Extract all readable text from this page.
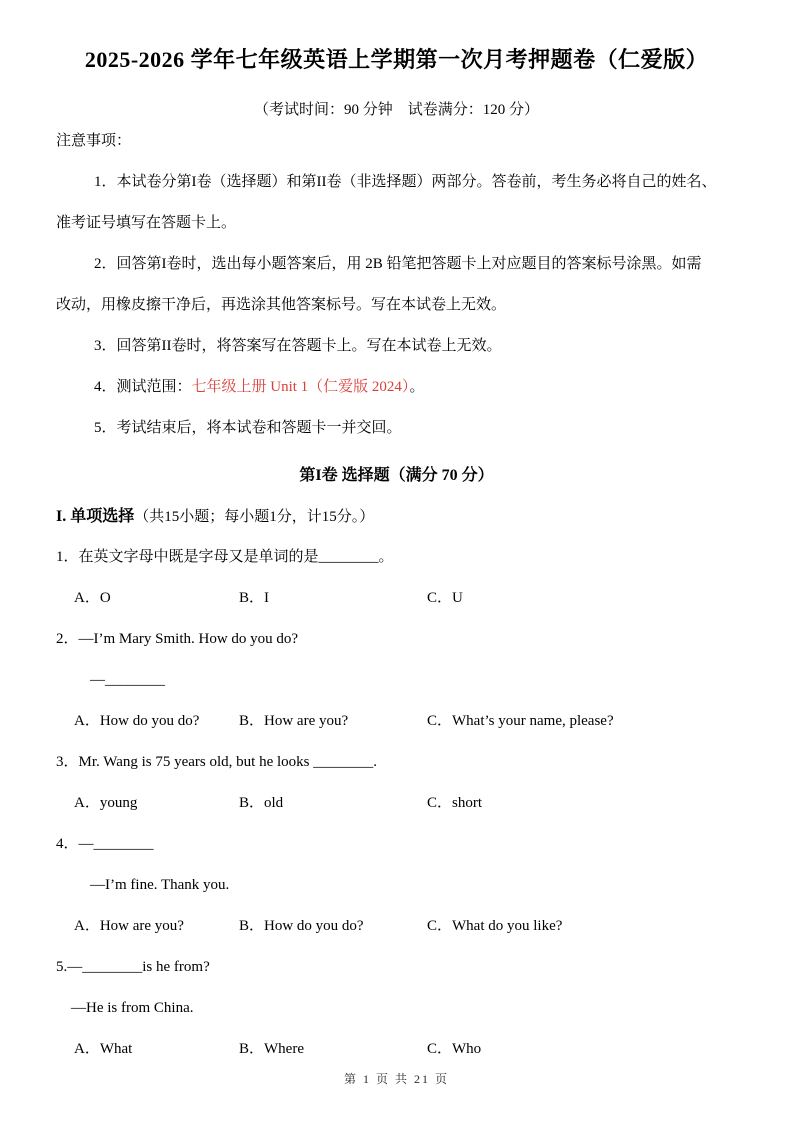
2025-2026 学年七年级英语上学期第一次月考押题卷（仁爱版）
（考试时间：90 分钟　试卷满分：120 分）
注意事项：
1．本试卷分第I卷（选择题）和第II卷（非选择题）两部分。答卷前，考生务必将自己的姓名、
准考证号填写在答题卡上。
2．回答第I卷时，选出每小题答案后，用 2B 铅笔把答题卡上对应题目的答案标号涂黑。如需
改动，用橡皮擦干净后，再选涂其他答案标号。写在本试卷上无效。
3．回答第II卷时，将答案写在答题卡上。写在本试卷上无效。
4．测试范围：七年级上册 Unit 1（仁爱版 2024）。
5．考试结束后，将本试卷和答题卡一并交回。
第I卷 选择题（满分 70 分）
I. 单项选择（共15小题；每小题1分，计15分。）
1．在英文字母中既是字母又是单词的是________。
A．O	B．I	C．U
2．—I’m Mary Smith. How do you do?
—________
A．How do you do?	B．How are you?	C．What’s your name, please?
3．Mr. Wang is 75 years old, but he looks ________.
A．young	B．old	C．short
4．—________
—I’m fine. Thank you.
A．How are you?	B．How do you do?	C．What do you like?
5.—________is he from?
—He is from China.
A．What	B．Where	C．Who
第 1 页 共 21 页
